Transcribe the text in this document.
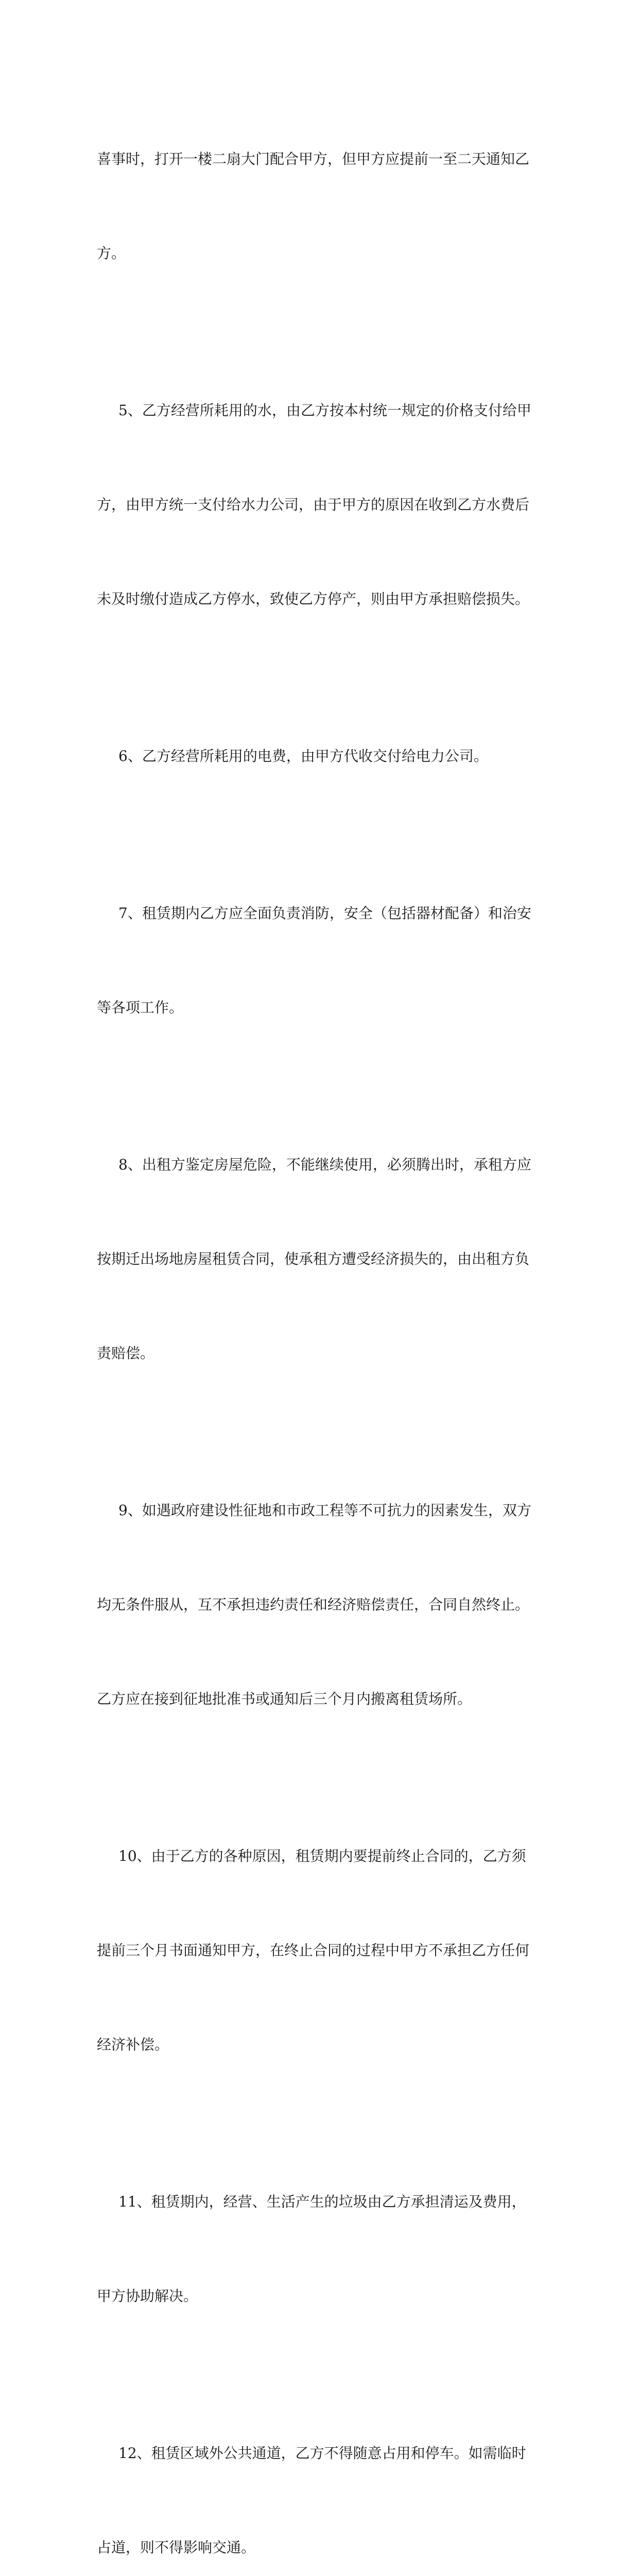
喜事时，打开一楼二扇大门配合甲方，但甲方应提前一至二天通知乙

方。

5、乙方经营所耗用的水，由乙方按本村统一规定的价格支付给甲

方，由甲方统一支付给水力公司，由于甲方的原因在收到乙方水费后

未及时缴付造成乙方停水，致使乙方停产，则由甲方承担赔偿损失。

6、乙方经营所耗用的电费，由甲方代收交付给电力公司。

7、租赁期内乙方应全面负责消防，安全（包括器材配备）和治安

等各项工作。

8、出租方鉴定房屋危险，不能继续使用，必须腾出时，承租方应

按期迁出场地房屋租赁合同，使承租方遭受经济损失的，由出租方负

责赔偿。

9、如遇政府建设性征地和市政工程等不可抗力的因素发生，双方

均无条件服从，互不承担违约责任和经济赔偿责任，合同自然终止。

乙方应在接到征地批准书或通知后三个月内搬离租赁场所。

10、由于乙方的各种原因，租赁期内要提前终止合同的，乙方须

提前三个月书面通知甲方，在终止合同的过程中甲方不承担乙方任何

经济补偿。

11、租赁期内，经营、生活产生的垃圾由乙方承担清运及费用，

甲方协助解决。

12、租赁区域外公共通道，乙方不得随意占用和停车。如需临时

占道，则不得影响交通。
